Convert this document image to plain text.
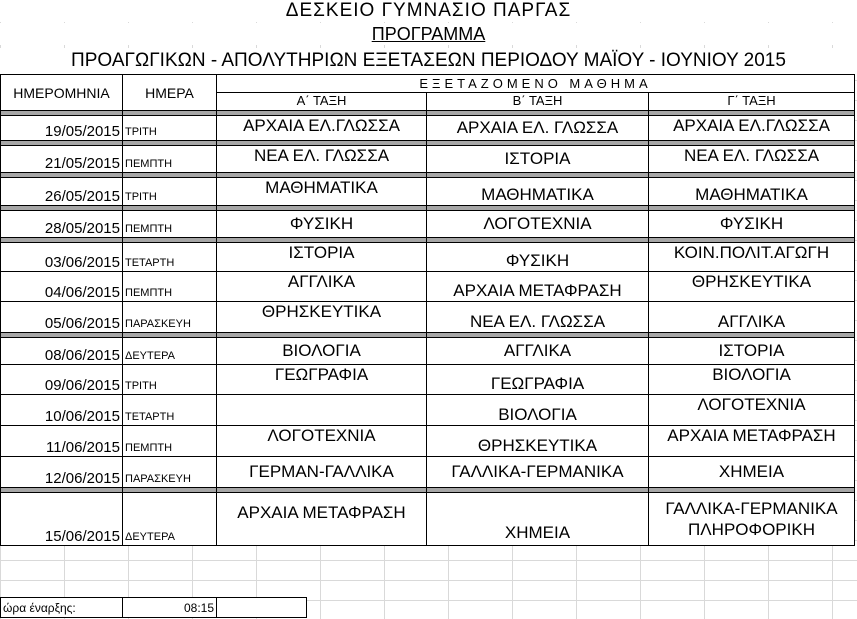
ΔΕΣΚΕΙΟ ΓΥΜΝΑΣΙΟ ΠΑΡΓΑΣ
ΠΡΟΓΡΑΜΜΑ
ΠΡΟΑΓΩΓΙΚΩΝ - ΑΠΟΛΥΤΗΡΙΩΝ ΕΞΕΤΑΣΕΩΝ ΠΕΡΙΟΔΟΥ ΜΑΪΟΥ - ΙΟΥΝΙΟΥ 2015
ΗΜΕΡΟΜΗΝΙΑ	ΗΜΕΡΑ	ΕΞΕΤΑΖΟΜΕΝΟ ΜΑΘΗΜΑ		
		Α΄ ΤΑΞΗ	Β΄ ΤΑΞΗ	Γ΄ ΤΑΞΗ

19/05/2015	ΤΡΙΤΗ	ΑΡΧΑΙΑ ΕΛ.ΓΛΩΣΣΑ	ΑΡΧΑΙΑ ΕΛ. ΓΛΩΣΣΑ	ΑΡΧΑΙΑ ΕΛ.ΓΛΩΣΣΑ

21/05/2015	ΠΕΜΠΤΗ	ΝΕΑ ΕΛ. ΓΛΩΣΣΑ	ΙΣΤΟΡΙΑ	ΝΕΑ ΕΛ. ΓΛΩΣΣΑ

26/05/2015	ΤΡΙΤΗ	ΜΑΘΗΜΑΤΙΚΑ	ΜΑΘΗΜΑΤΙΚΑ	ΜΑΘΗΜΑΤΙΚΑ

28/05/2015	ΠΕΜΠΤΗ	ΦΥΣΙΚΗ	ΛΟΓΟΤΕΧΝΙΑ	ΦΥΣΙΚΗ

03/06/2015	ΤΕΤΑΡΤΗ	ΙΣΤΟΡΙΑ	ΦΥΣΙΚΗ	ΚΟΙΝ.ΠΟΛΙΤ.ΑΓΩΓΗ
04/06/2015	ΠΕΜΠΤΗ	ΑΓΓΛΙΚΑ	ΑΡΧΑΙΑ ΜΕΤΑΦΡΑΣΗ	ΘΡΗΣΚΕΥΤΙΚΑ
05/06/2015	ΠΑΡΑΣΚΕΥΗ	ΘΡΗΣΚΕΥΤΙΚΑ	ΝΕΑ ΕΛ. ΓΛΩΣΣΑ	ΑΓΓΛΙΚΑ

08/06/2015	ΔΕΥΤΕΡΑ	ΒΙΟΛΟΓΙΑ	ΑΓΓΛΙΚΑ	ΙΣΤΟΡΙΑ
09/06/2015	ΤΡΙΤΗ	ΓΕΩΓΡΑΦΙΑ	ΓΕΩΓΡΑΦΙΑ	ΒΙΟΛΟΓΙΑ
10/06/2015	ΤΕΤΑΡΤΗ		ΒΙΟΛΟΓΙΑ	ΛΟΓΟΤΕΧΝΙΑ
11/06/2015	ΠΕΜΠΤΗ	ΛΟΓΟΤΕΧΝΙΑ	ΘΡΗΣΚΕΥΤΙΚΑ	ΑΡΧΑΙΑ ΜΕΤΑΦΡΑΣΗ
12/06/2015	ΠΑΡΑΣΚΕΥΗ	ΓΕΡΜΑΝ-ΓΑΛΛΙΚΑ	ΓΑΛΛΙΚΑ-ΓΕΡΜΑΝΙΚΑ	ΧΗΜΕΙΑ

15/06/2015	ΔΕΥΤΕΡΑ	ΑΡΧΑΙΑ ΜΕΤΑΦΡΑΣΗ	ΧΗΜΕΙΑ	ΓΑΛΛΙΚΑ-ΓΕΡΜΑΝΙΚΑ
ΠΛΗΡΟΦΟΡΙΚΗ
ώρα έναρξης:	08:15	
